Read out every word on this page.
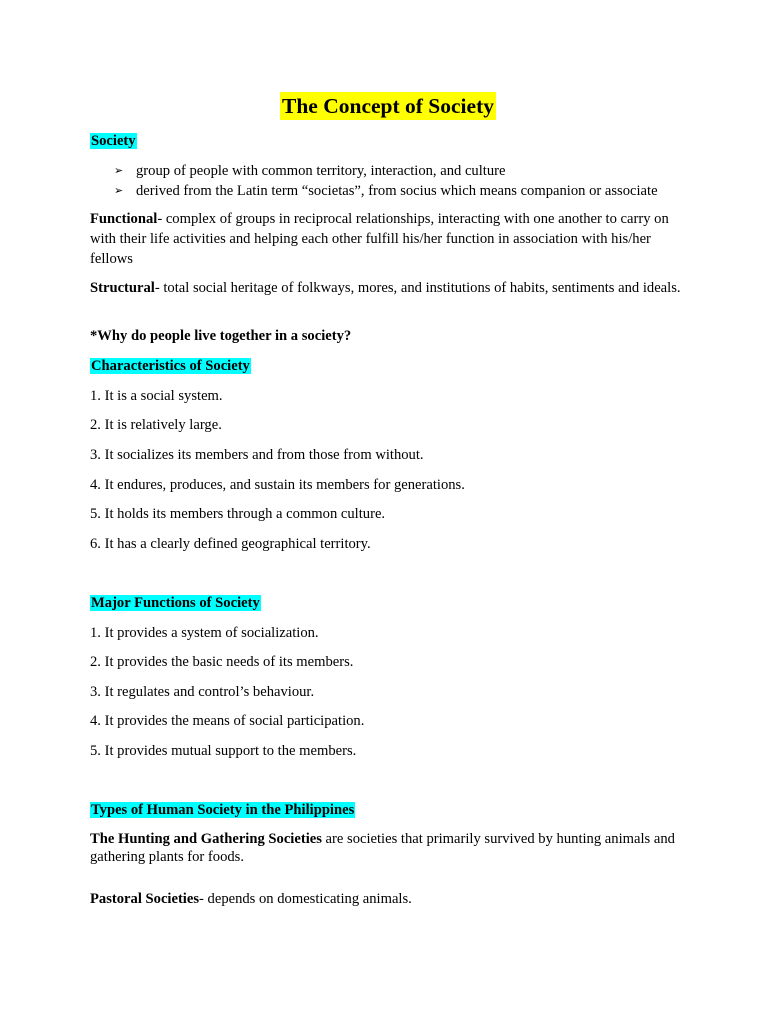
The Concept of Society
Society
➢ group of people with common territory, interaction, and culture
➢ derived from the Latin term “societas”, from socius which means companion or associate
Functional- complex of groups in reciprocal relationships, interacting with one another to carry on with their life activities and helping each other fulfill his/her function in association with his/her fellows
Structural- total social heritage of folkways, mores, and institutions of habits, sentiments and ideals.
*Why do people live together in a society?
Characteristics of Society
1. It is a social system.
2. It is relatively large.
3. It socializes its members and from those from without.
4. It endures, produces, and sustain its members for generations.
5. It holds its members through a common culture.
6. It has a clearly defined geographical territory.
Major Functions of Society
1. It provides a system of socialization.
2. It provides the basic needs of its members.
3. It regulates and control’s behaviour.
4. It provides the means of social participation.
5. It provides mutual support to the members.
Types of Human Society in the Philippines
The Hunting and Gathering Societies are societies that primarily survived by hunting animals and gathering plants for foods.
Pastoral Societies- depends on domesticating animals.
